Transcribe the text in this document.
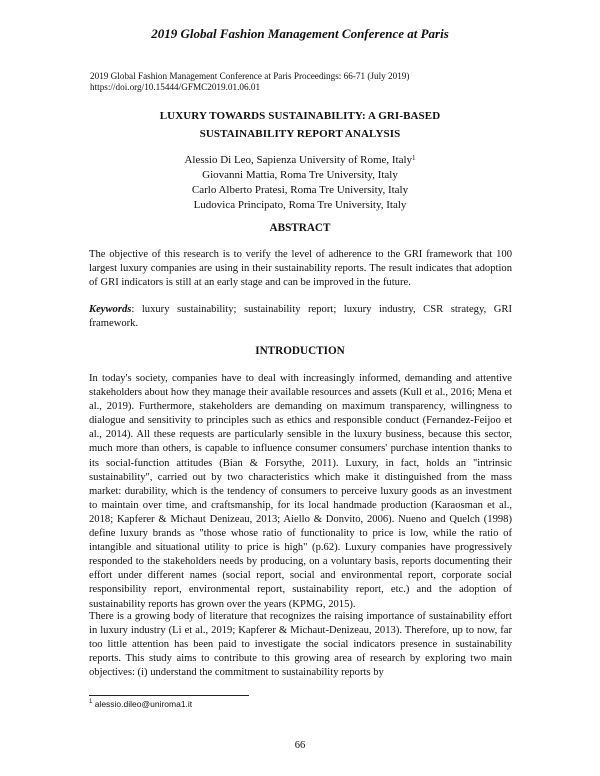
2019 Global Fashion Management Conference at Paris
2019 Global Fashion Management Conference at Paris Proceedings: 66-71 (July 2019)
https://doi.org/10.15444/GFMC2019.01.06.01
LUXURY TOWARDS SUSTAINABILITY: A GRI-BASED
SUSTAINABILITY REPORT ANALYSIS
Alessio Di Leo, Sapienza University of Rome, Italy$^1$
Giovanni Mattia, Roma Tre University, Italy
Carlo Alberto Pratesi, Roma Tre University, Italy
Ludovica Principato, Roma Tre University, Italy
ABSTRACT
The objective of this research is to verify the level of adherence to the GRI framework that 100 largest luxury companies are using in their sustainability reports. The result indicates that adoption of GRI indicators is still at an early stage and can be improved in the future.
Keywords: luxury sustainability; sustainability report; luxury industry, CSR strategy, GRI framework.
INTRODUCTION
In today's society, companies have to deal with increasingly informed, demanding and attentive stakeholders about how they manage their available resources and assets (Kull et al., 2016; Mena et al., 2019). Furthermore, stakeholders are demanding on maximum transparency, willingness to dialogue and sensitivity to principles such as ethics and responsible conduct (Fernandez-Feijoo et al., 2014). All these requests are particularly sensible in the luxury business, because this sector, much more than others, is capable to influence consumer consumers' purchase intention thanks to its social-function attitudes (Bian & Forsythe, 2011). Luxury, in fact, holds an "intrinsic sustainability", carried out by two characteristics which make it distinguished from the mass market: durability, which is the tendency of consumers to perceive luxury goods as an investment to maintain over time, and craftsmanship, for its local handmade production (Karaosman et al., 2018; Kapferer & Michaut Denizeau, 2013; Aiello & Donvito, 2006). Nueno and Quelch (1998) define luxury brands as "those whose ratio of functionality to price is low, while the ratio of intangible and situational utility to price is high" (p.62). Luxury companies have progressively responded to the stakeholders needs by producing, on a voluntary basis, reports documenting their effort under different names (social report, social and environmental report, corporate social responsibility report, environmental report, sustainability report, etc.) and the adoption of sustainability reports has grown over the years (KPMG, 2015).
There is a growing body of literature that recognizes the raising importance of sustainability effort in luxury industry (Li et al., 2019; Kapferer & Michaut-Denizeau, 2013). Therefore, up to now, far too little attention has been paid to investigate the social indicators presence in sustainability reports. This study aims to contribute to this growing area of research by exploring two main objectives: (i) understand the commitment to sustainability reports by
$^1$ alessio.dileo@uniroma1.it
66
